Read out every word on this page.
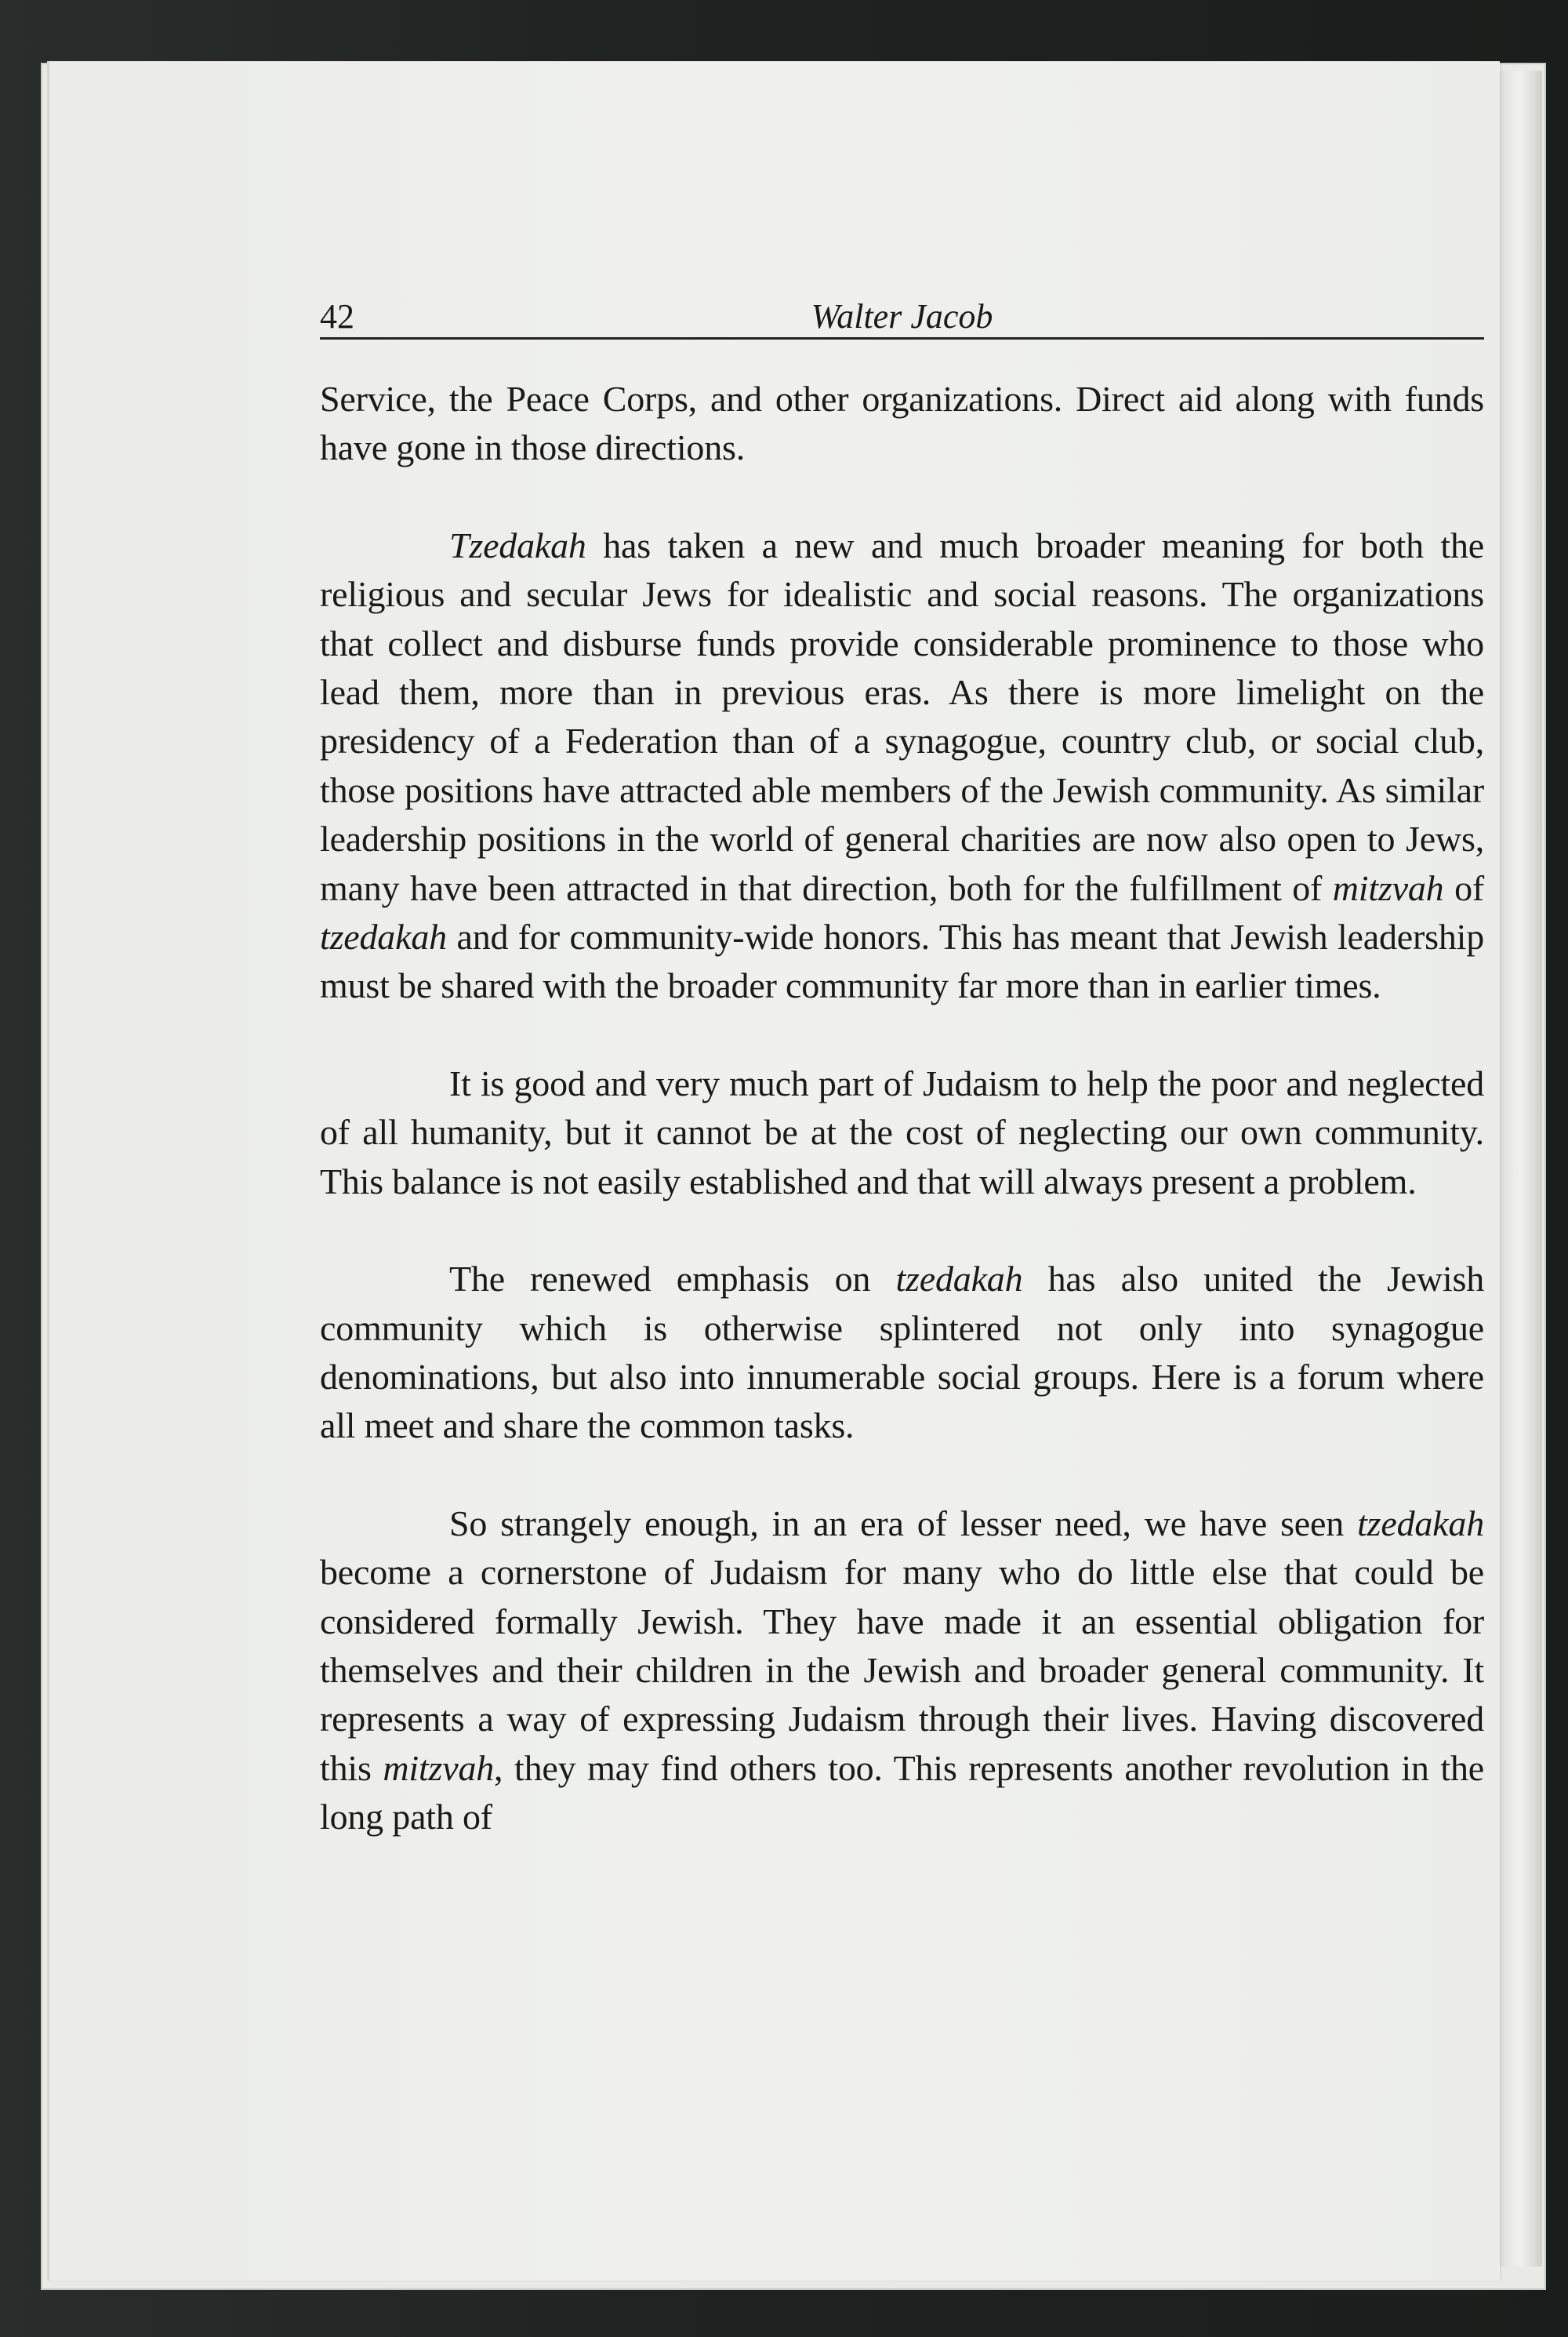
42	Walter Jacob

Service, the Peace Corps, and other organizations. Direct aid along with funds have gone in those directions.

Tzedakah has taken a new and much broader meaning for both the religious and secular Jews for idealistic and social reasons. The organizations that collect and disburse funds provide considerable prominence to those who lead them, more than in previous eras. As there is more limelight on the presidency of a Federation than of a synagogue, country club, or social club, those positions have attracted able members of the Jewish community. As similar leadership positions in the world of general charities are now also open to Jews, many have been attracted in that direction, both for the fulfillment of mitzvah of tzedakah and for community-wide honors. This has meant that Jewish leadership must be shared with the broader community far more than in earlier times.

It is good and very much part of Judaism to help the poor and neglected of all humanity, but it cannot be at the cost of neglecting our own community. This balance is not easily established and that will always present a problem.

The renewed emphasis on tzedakah has also united the Jewish community which is otherwise splintered not only into synagogue denominations, but also into innumerable social groups. Here is a forum where all meet and share the common tasks.

So strangely enough, in an era of lesser need, we have seen tzedakah become a cornerstone of Judaism for many who do little else that could be considered formally Jewish. They have made it an essential obligation for themselves and their children in the Jewish and broader general community. It represents a way of expressing Judaism through their lives. Having discovered this mitzvah, they may find others too. This represents another revolution in the long path of
